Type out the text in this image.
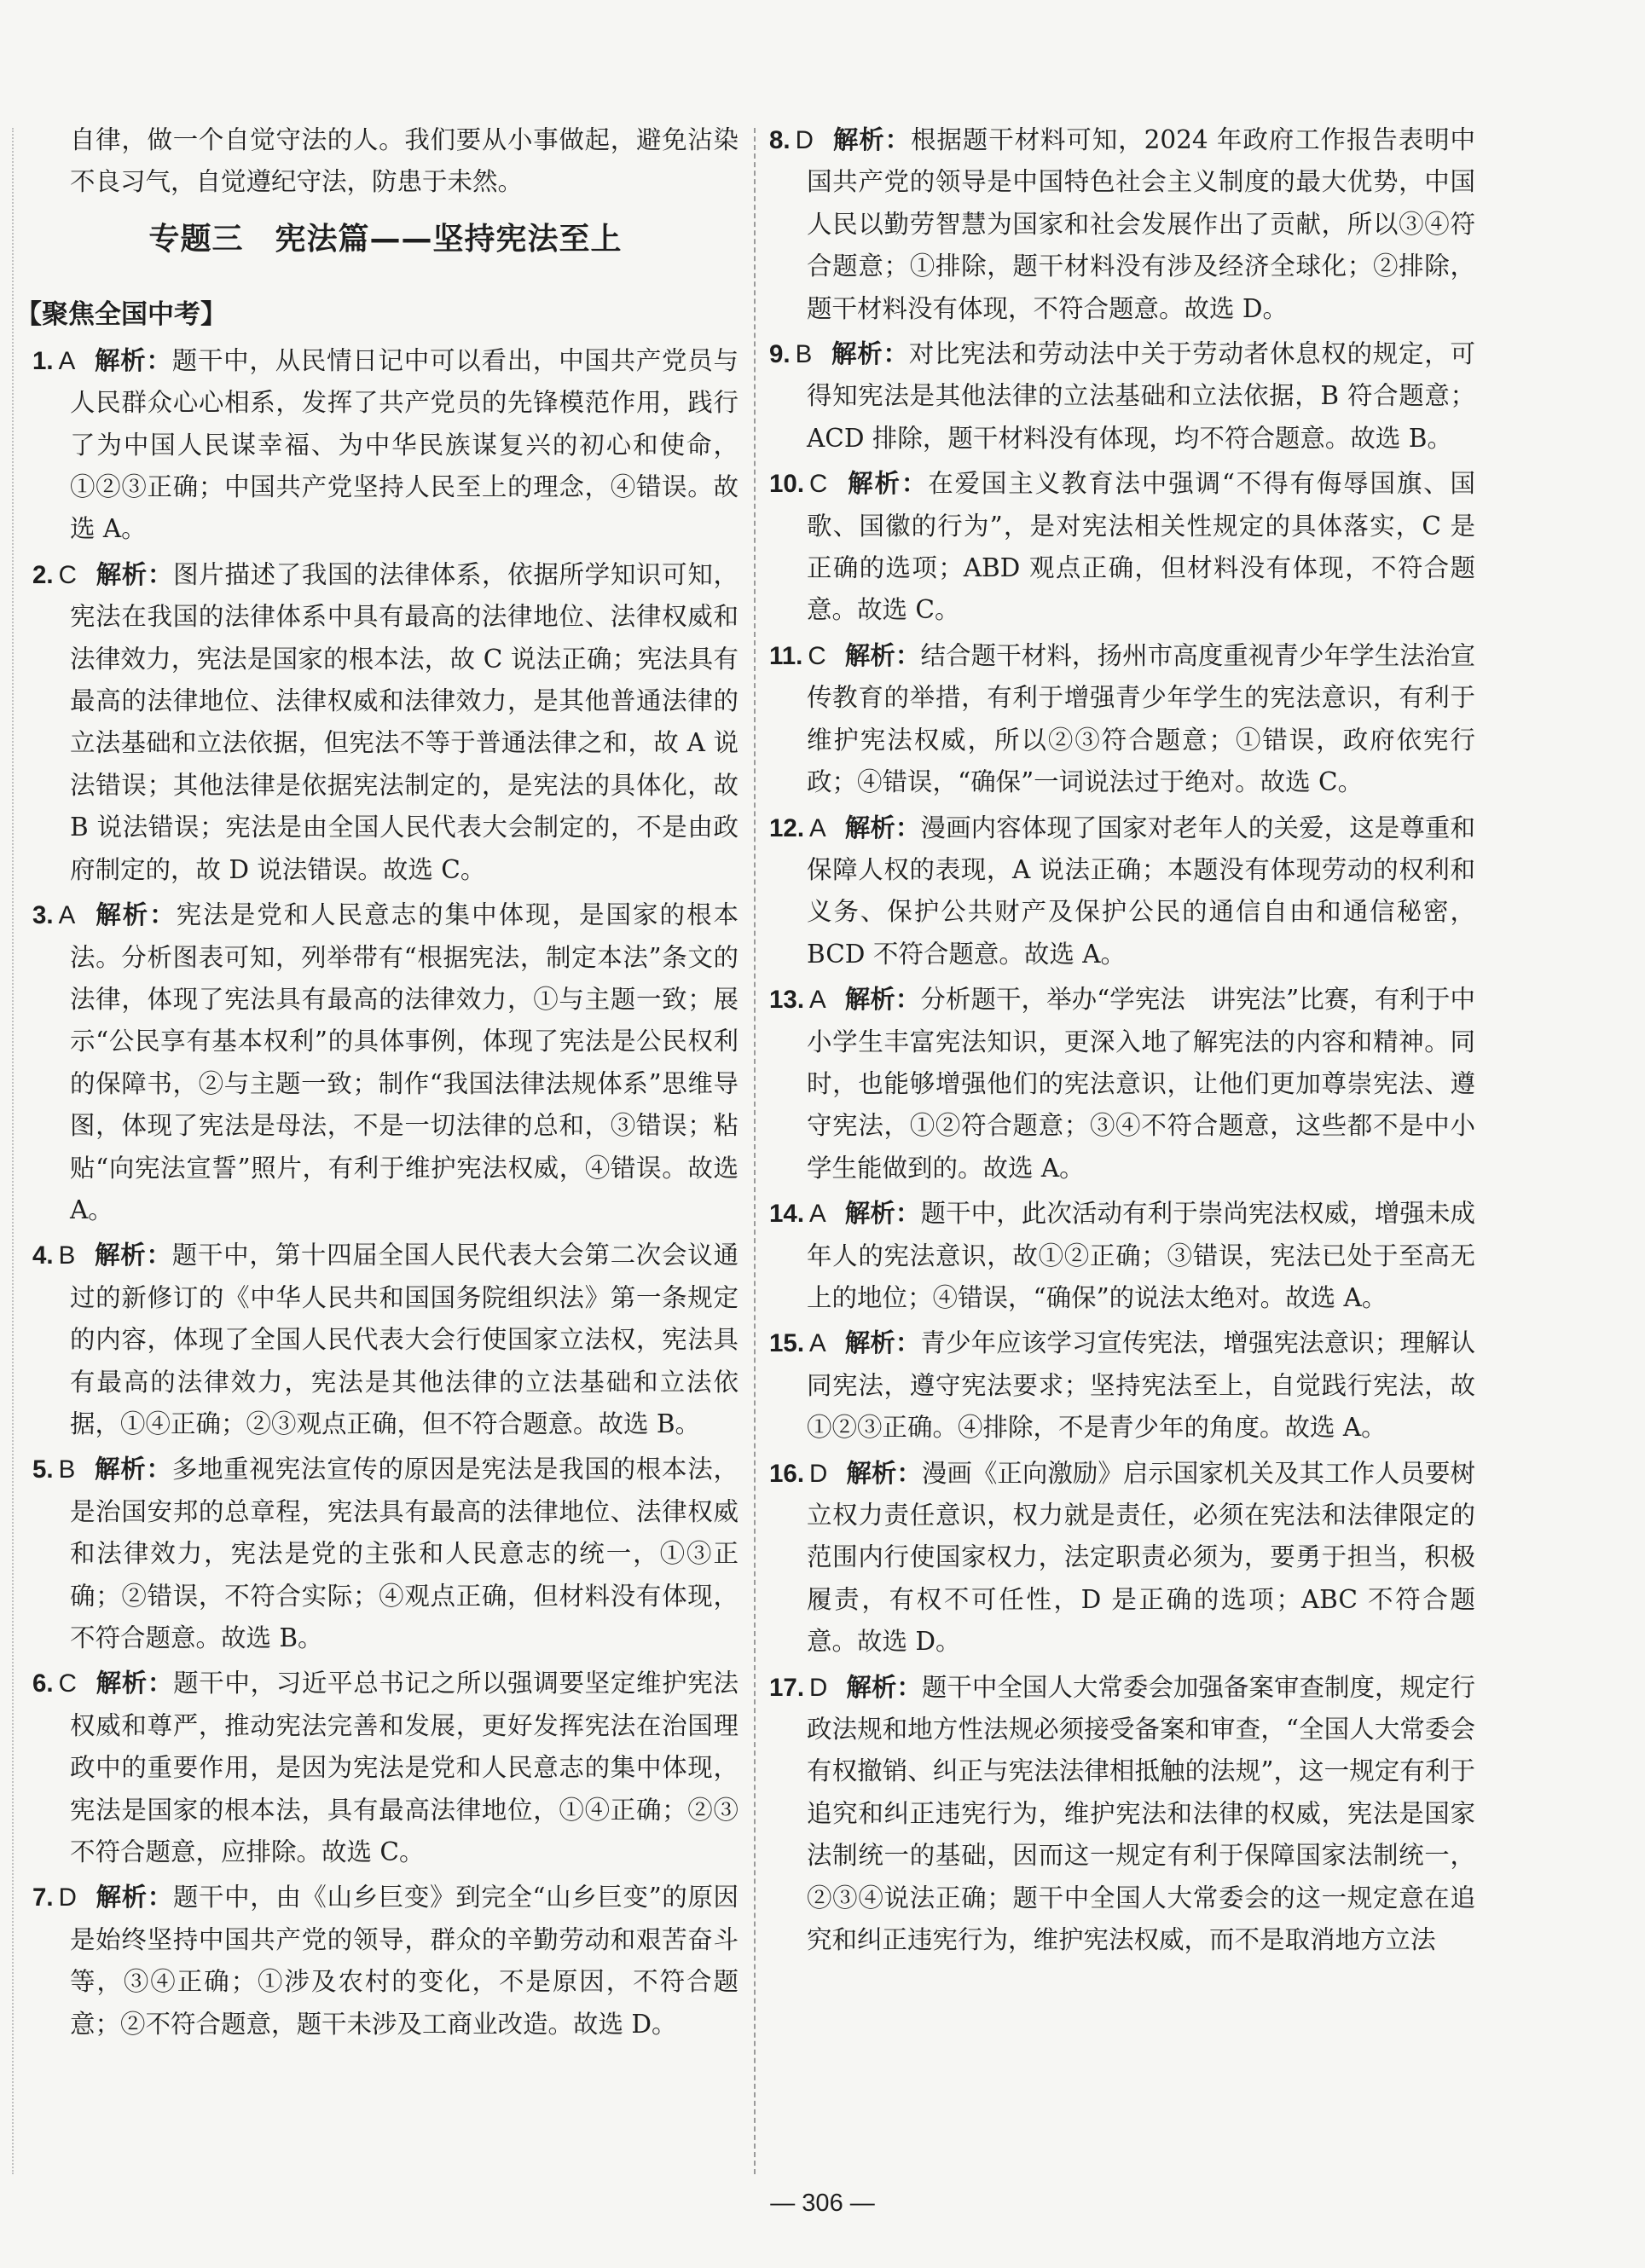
自律，做一个自觉守法的人。我们要从小事做起，避免沾染不良习气，自觉遵纪守法，防患于未然。

专题三　宪法篇——坚持宪法至上
【聚焦全国中考】

1. A 解析：题干中，从民情日记中可以看出，中国共产党员与人民群众心心相系，发挥了共产党员的先锋模范作用，践行了为中国人民谋幸福、为中华民族谋复兴的初心和使命，①②③正确；中国共产党坚持人民至上的理念，④错误。故选 A。

2. C 解析：图片描述了我国的法律体系，依据所学知识可知，宪法在我国的法律体系中具有最高的法律地位、法律权威和法律效力，宪法是国家的根本法，故 C 说法正确；宪法具有最高的法律地位、法律权威和法律效力，是其他普通法律的立法基础和立法依据，但宪法不等于普通法律之和，故 A 说法错误；其他法律是依据宪法制定的，是宪法的具体化，故 B 说法错误；宪法是由全国人民代表大会制定的，不是由政府制定的，故 D 说法错误。故选 C。

3. A 解析：宪法是党和人民意志的集中体现，是国家的根本法。分析图表可知，列举带有“根据宪法，制定本法”条文的法律，体现了宪法具有最高的法律效力，①与主题一致；展示“公民享有基本权利”的具体事例，体现了宪法是公民权利的保障书，②与主题一致；制作“我国法律法规体系”思维导图，体现了宪法是母法，不是一切法律的总和，③错误；粘贴“向宪法宣誓”照片，有利于维护宪法权威，④错误。故选 A。

4. B 解析：题干中，第十四届全国人民代表大会第二次会议通过的新修订的《中华人民共和国国务院组织法》第一条规定的内容，体现了全国人民代表大会行使国家立法权，宪法具有最高的法律效力，宪法是其他法律的立法基础和立法依据，①④正确；②③观点正确，但不符合题意。故选 B。

5. B 解析：多地重视宪法宣传的原因是宪法是我国的根本法，是治国安邦的总章程，宪法具有最高的法律地位、法律权威和法律效力，宪法是党的主张和人民意志的统一，①③正确；②错误，不符合实际；④观点正确，但材料没有体现，不符合题意。故选 B。

6. C 解析：题干中，习近平总书记之所以强调要坚定维护宪法权威和尊严，推动宪法完善和发展，更好发挥宪法在治国理政中的重要作用，是因为宪法是党和人民意志的集中体现，宪法是国家的根本法，具有最高法律地位，①④正确；②③不符合题意，应排除。故选 C。

7. D 解析：题干中，由《山乡巨变》到完全“山乡巨变”的原因是始终坚持中国共产党的领导，群众的辛勤劳动和艰苦奋斗等，③④正确；①涉及农村的变化，不是原因，不符合题意；②不符合题意，题干未涉及工商业改造。故选 D。

8. D 解析：根据题干材料可知，2024 年政府工作报告表明中国共产党的领导是中国特色社会主义制度的最大优势，中国人民以勤劳智慧为国家和社会发展作出了贡献，所以③④符合题意；①排除，题干材料没有涉及经济全球化；②排除，题干材料没有体现，不符合题意。故选 D。

9. B 解析：对比宪法和劳动法中关于劳动者休息权的规定，可得知宪法是其他法律的立法基础和立法依据，B 符合题意；ACD 排除，题干材料没有体现，均不符合题意。故选 B。

10. C 解析：在爱国主义教育法中强调“不得有侮辱国旗、国歌、国徽的行为”，是对宪法相关性规定的具体落实，C 是正确的选项；ABD 观点正确，但材料没有体现，不符合题意。故选 C。

11. C 解析：结合题干材料，扬州市高度重视青少年学生法治宣传教育的举措，有利于增强青少年学生的宪法意识，有利于维护宪法权威，所以②③符合题意；①错误，政府依宪行政；④错误，“确保”一词说法过于绝对。故选 C。

12. A 解析：漫画内容体现了国家对老年人的关爱，这是尊重和保障人权的表现，A 说法正确；本题没有体现劳动的权利和义务、保护公共财产及保护公民的通信自由和通信秘密，BCD 不符合题意。故选 A。

13. A 解析：分析题干，举办“学宪法　讲宪法”比赛，有利于中小学生丰富宪法知识，更深入地了解宪法的内容和精神。同时，也能够增强他们的宪法意识，让他们更加尊崇宪法、遵守宪法，①②符合题意；③④不符合题意，这些都不是中小学生能做到的。故选 A。

14. A 解析：题干中，此次活动有利于崇尚宪法权威，增强未成年人的宪法意识，故①②正确；③错误，宪法已处于至高无上的地位；④错误，“确保”的说法太绝对。故选 A。

15. A 解析：青少年应该学习宣传宪法，增强宪法意识；理解认同宪法，遵守宪法要求；坚持宪法至上，自觉践行宪法，故①②③正确。④排除，不是青少年的角度。故选 A。

16. D 解析：漫画《正向激励》启示国家机关及其工作人员要树立权力责任意识，权力就是责任，必须在宪法和法律限定的范围内行使国家权力，法定职责必须为，要勇于担当，积极履责，有权不可任性，D 是正确的选项；ABC 不符合题意。故选 D。

17. D 解析：题干中全国人大常委会加强备案审查制度，规定行政法规和地方性法规必须接受备案和审查，“全国人大常委会有权撤销、纠正与宪法法律相抵触的法规”，这一规定有利于追究和纠正违宪行为，维护宪法和法律的权威，宪法是国家法制统一的基础，因而这一规定有利于保障国家法制统一，②③④说法正确；题干中全国人大常委会的这一规定意在追究和纠正违宪行为，维护宪法权威，而不是取消地方立法

— 306 —
